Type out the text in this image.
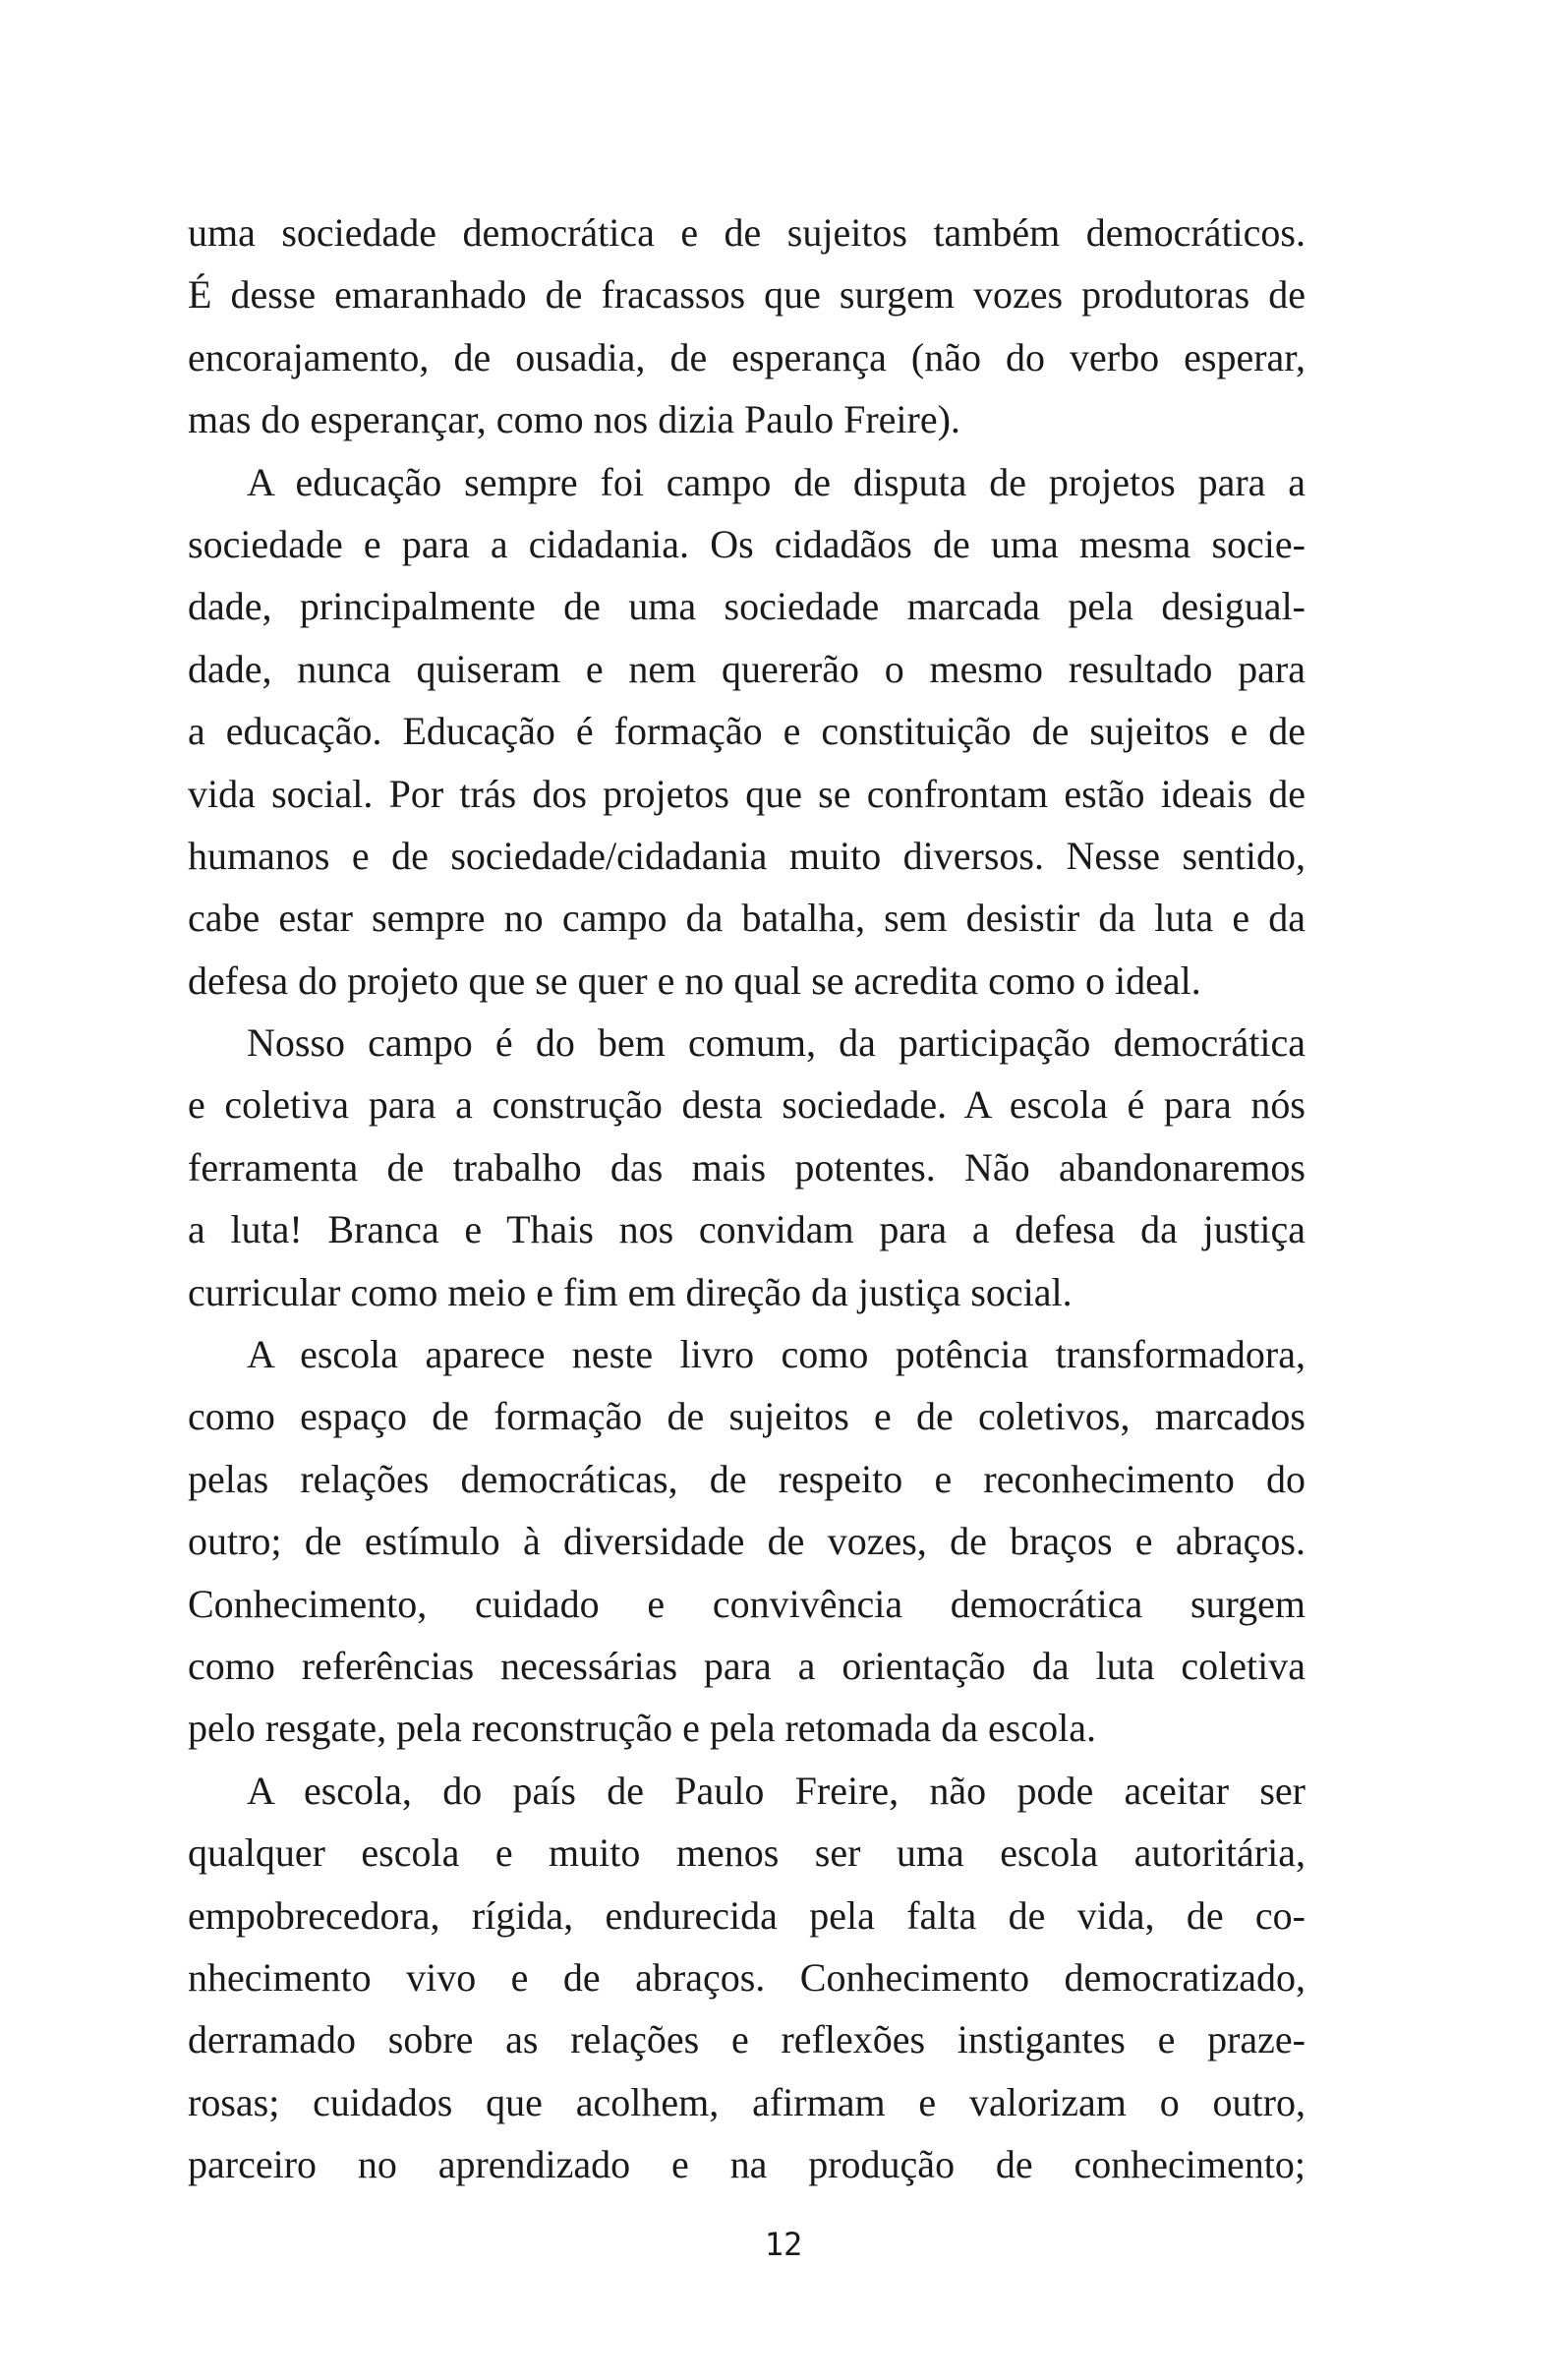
uma sociedade democrática e de sujeitos também democráticos.
É desse emaranhado de fracassos que surgem vozes produtoras de
encorajamento, de ousadia, de esperança (não do verbo esperar,
mas do esperançar, como nos dizia Paulo Freire).
A educação sempre foi campo de disputa de projetos para a
sociedade e para a cidadania. Os cidadãos de uma mesma socie-
dade, principalmente de uma sociedade marcada pela desigual-
dade, nunca quiseram e nem quererão o mesmo resultado para
a educação. Educação é formação e constituição de sujeitos e de
vida social. Por trás dos projetos que se confrontam estão ideais de
humanos e de sociedade/cidadania muito diversos. Nesse sentido,
cabe estar sempre no campo da batalha, sem desistir da luta e da
defesa do projeto que se quer e no qual se acredita como o ideal.
Nosso campo é do bem comum, da participação democrática
e coletiva para a construção desta sociedade. A escola é para nós
ferramenta de trabalho das mais potentes. Não abandonaremos
a luta! Branca e Thais nos convidam para a defesa da justiça
curricular como meio e fim em direção da justiça social.
A escola aparece neste livro como potência transformadora,
como espaço de formação de sujeitos e de coletivos, marcados
pelas relações democráticas, de respeito e reconhecimento do
outro; de estímulo à diversidade de vozes, de braços e abraços.
Conhecimento, cuidado e convivência democrática surgem
como referências necessárias para a orientação da luta coletiva
pelo resgate, pela reconstrução e pela retomada da escola.
A escola, do país de Paulo Freire, não pode aceitar ser
qualquer escola e muito menos ser uma escola autoritária,
empobrecedora, rígida, endurecida pela falta de vida, de co-
nhecimento vivo e de abraços. Conhecimento democratizado,
derramado sobre as relações e reflexões instigantes e praze-
rosas; cuidados que acolhem, afirmam e valorizam o outro,
parceiro no aprendizado e na produção de conhecimento;
12
